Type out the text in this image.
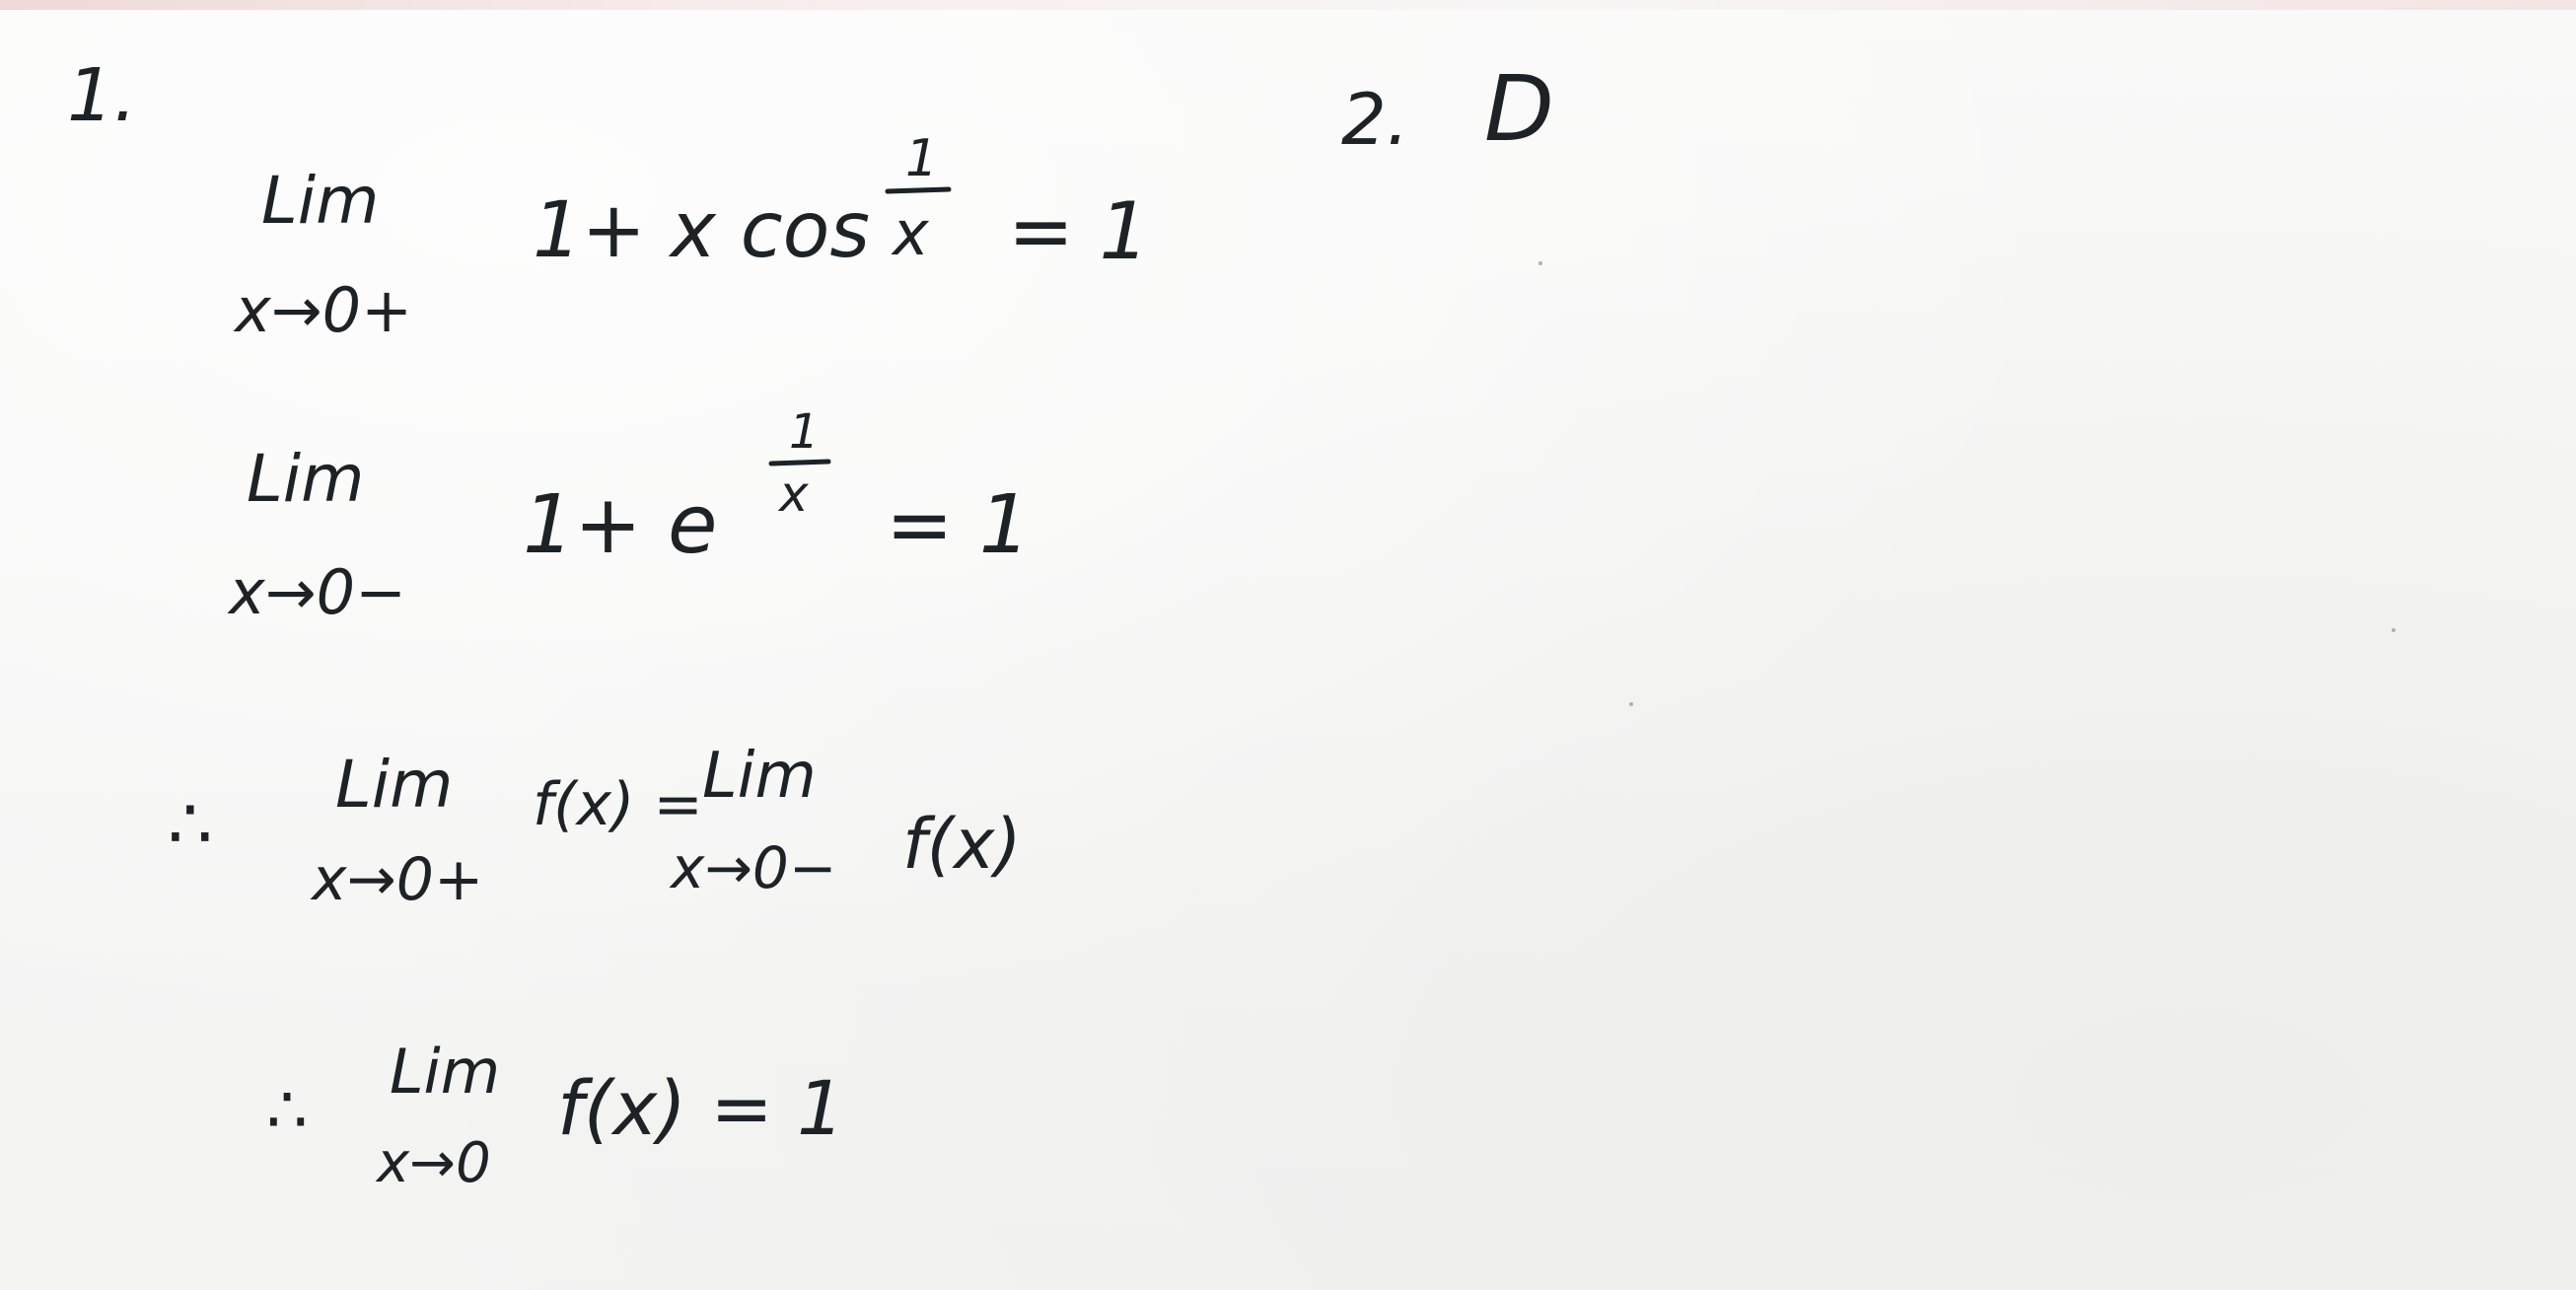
1.
Lim
x→0+
1+ x cos
1
x = 1
Lim
x→0−
1+ e
1
x = 1
∴ Lim
x→0+
f(x) = Lim
x→0− f(x)
∴
Lim
x→0
f(x) = 1
2. D
